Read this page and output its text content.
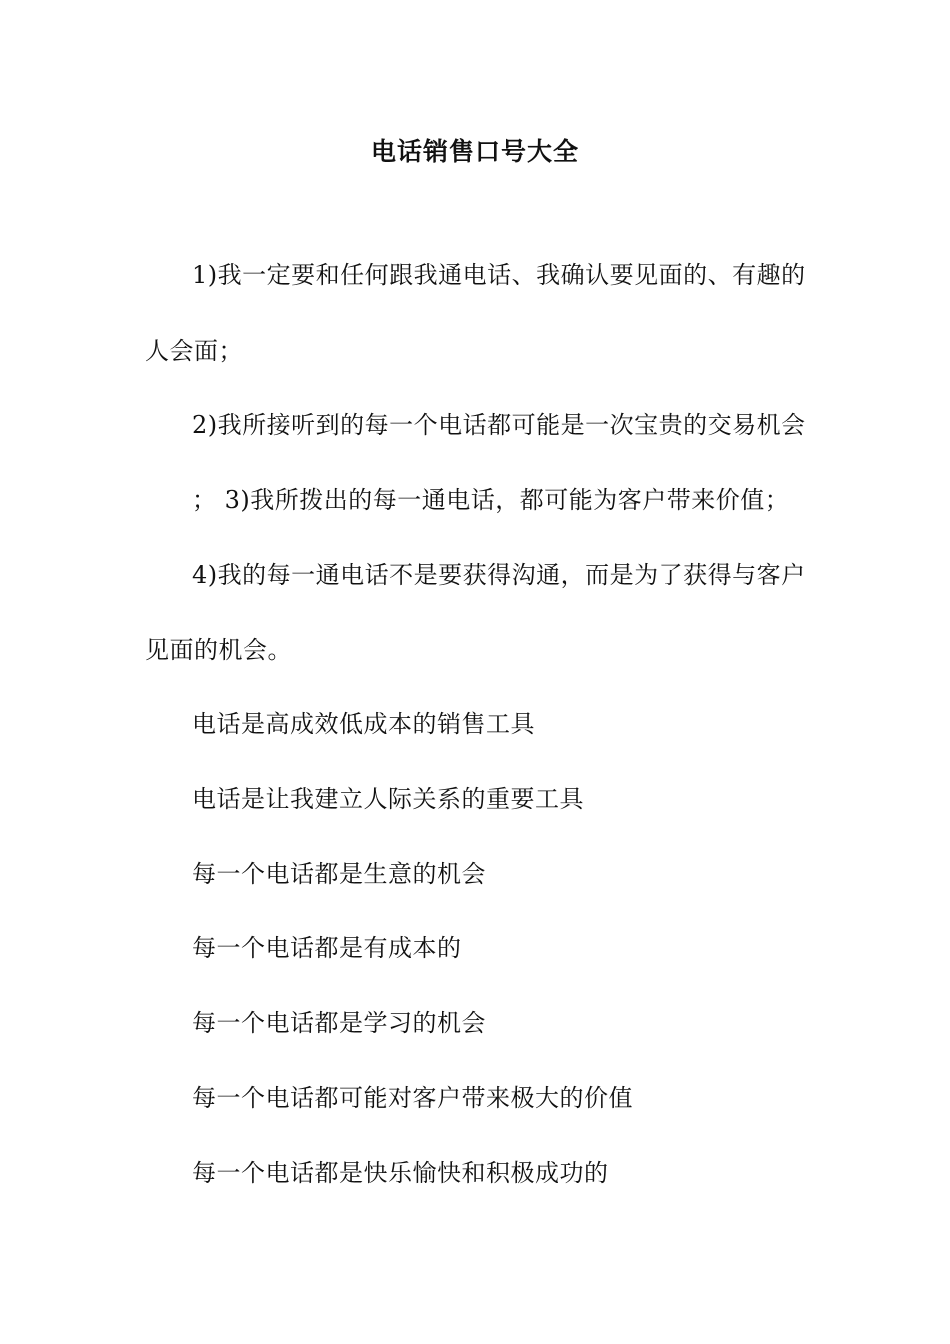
电话销售口号大全
1)我一定要和任何跟我通电话、我确认要见面的、有趣的
人会面；
2)我所接听到的每一个电话都可能是一次宝贵的交易机会
； 3)我所拨出的每一通电话，都可能为客户带来价值；
4)我的每一通电话不是要获得沟通，而是为了获得与客户
见面的机会。
电话是高成效低成本的销售工具
电话是让我建立人际关系的重要工具
每一个电话都是生意的机会
每一个电话都是有成本的
每一个电话都是学习的机会
每一个电话都可能对客户带来极大的价值
每一个电话都是快乐愉快和积极成功的
